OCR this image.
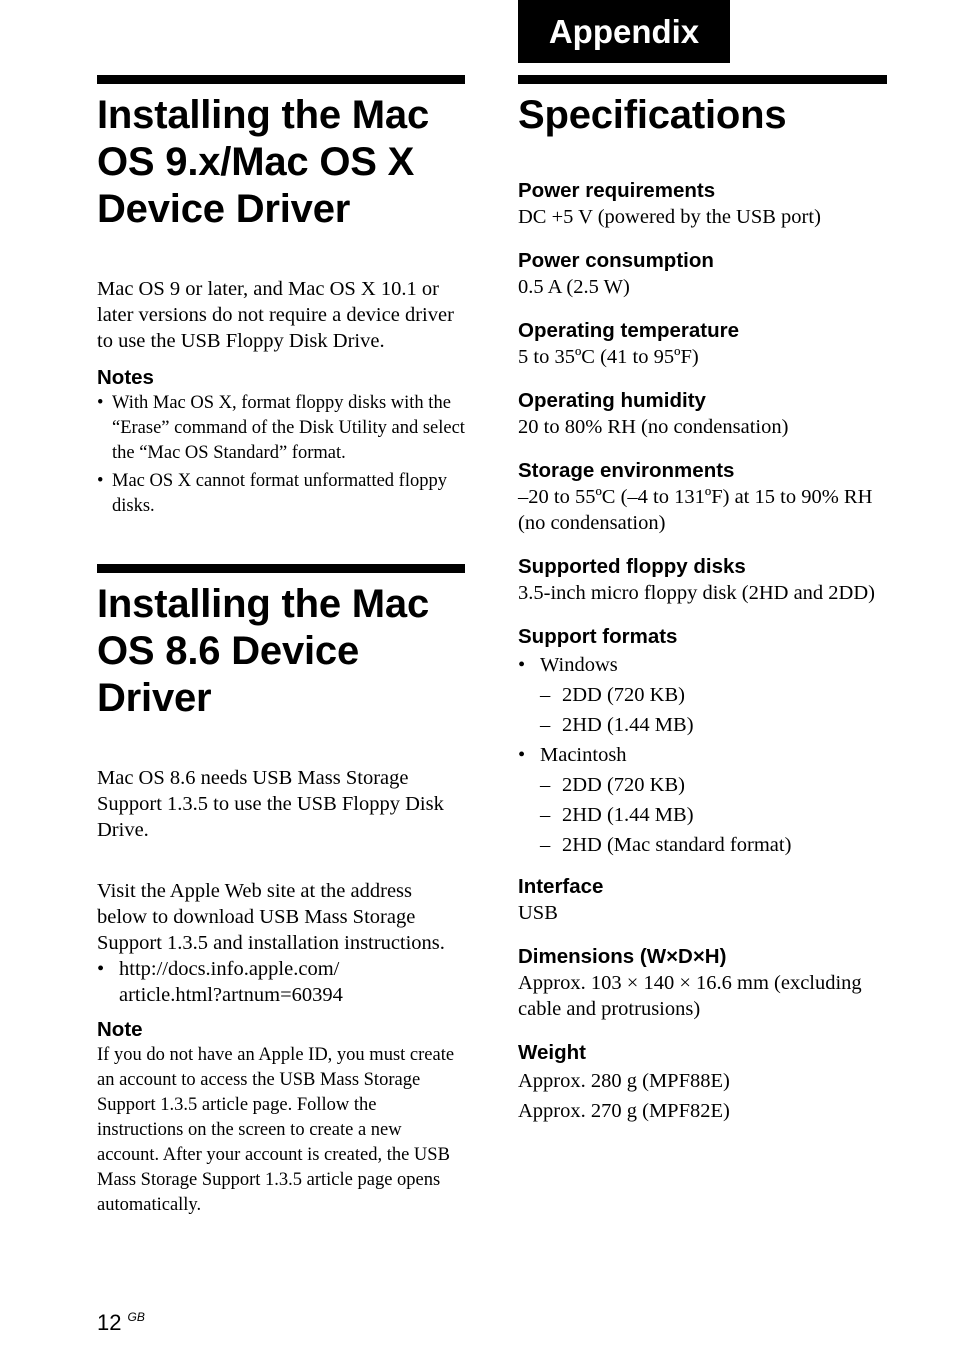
Appendix
Installing the Mac OS 9.x/Mac OS X Device Driver

Mac OS 9 or later, and Mac OS X 10.1 or later versions do not require a device driver to use the USB Floppy Disk Drive.

Notes
• With Mac OS X, format floppy disks with the “Erase” command of the Disk Utility and select the “Mac OS Standard” format.
• Mac OS X cannot format unformatted floppy disks.
Installing the Mac OS 8.6 Device Driver

Mac OS 8.6 needs USB Mass Storage Support 1.3.5 to use the USB Floppy Disk Drive.

Visit the Apple Web site at the address below to download USB Mass Storage Support 1.3.5 and installation instructions.

• http://docs.info.apple.com/ article.html?artnum=60394
Note

If you do not have an Apple ID, you must create an account to access the USB Mass Storage Support 1.3.5 article page. Follow the instructions on the screen to create a new account. After your account is created, the USB Mass Storage Support 1.3.5 article page opens automatically.

Specifications
Power requirements

DC +5 V (powered by the USB port)

Power consumption

0.5 A (2.5 W)

Operating temperature

5 to 35ºC (41 to 95ºF)

Operating humidity

20 to 80% RH (no condensation)

Storage environments

–20 to 55ºC (–4 to 131ºF) at 15 to 90% RH (no condensation)

Supported floppy disks

3.5-inch micro floppy disk (2HD and 2DD)

Support formats
• Windows
– 2DD (720 KB)
– 2HD (1.44 MB)
• Macintosh
– 2DD (720 KB)
– 2HD (1.44 MB)
– 2HD (Mac standard format)
Interface

USB

Dimensions (W×D×H)

Approx. 103 × 140 × 16.6 mm (excluding cable and protrusions)

Weight

Approx. 280 g (MPF88E)

Approx. 270 g (MPF82E)

12 $^{GB}$
